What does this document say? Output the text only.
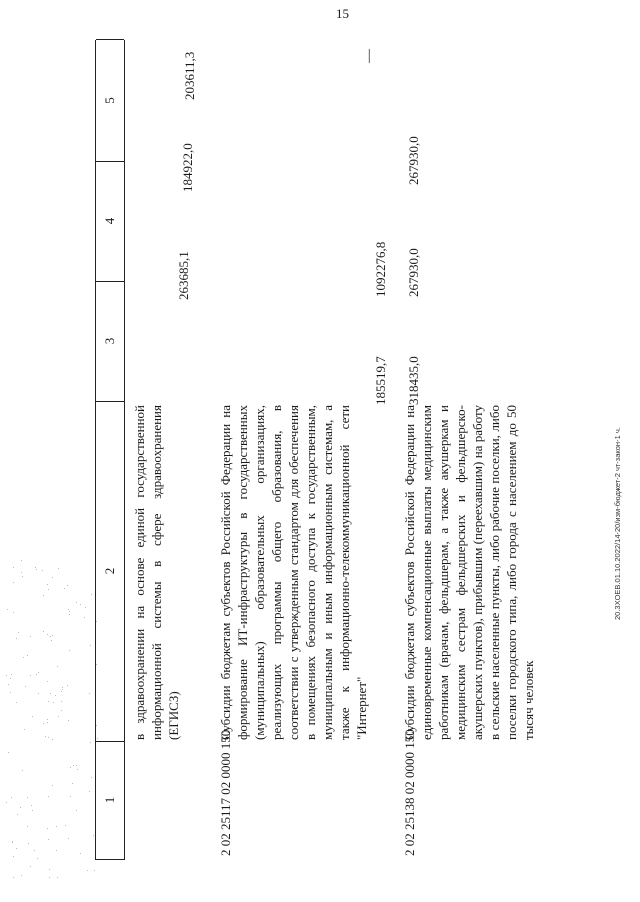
15
—
20.3XOEB.01.10.2022/14-20/изм-бюджет-2 чт-закон-1 ч.
1
2
3
4
5
в здравоохранении на основе единой государственной информационной системы в сфере здравоохранения (ЕГИСЗ)
263685,1
184922,0
203611,3
2 02 25117 02 0000 150
Субсидии бюджетам субъектов Российской Федерации на формирование ИТ-инфраструктуры в государственных (муниципальных) образовательных организациях, реализующих программы общего образования, в соответствии с утвержденным стандартом для обеспечения в помещениях безопасного доступа к государственным, муниципальным и иным информационным системам, а также к информационно-телекоммуникационной сети "Интернет"
185519,7
1092276,8
2 02 25138 02 0000 150
Субсидии бюджетам субъектов Российской Федерации на единовременные компенсационные выплаты медицинским работникам (врачам, фельдшерам, а также акушеркам и медицинским сестрам фельдшерских и фельдшерско-акушерских пунктов), прибывшим (переехавшим) на работу в сельские населенные пункты, либо рабочие поселки, либо поселки городского типа, либо города с населением до 50 тысяч человек
318435,0
267930,0
267930,0
